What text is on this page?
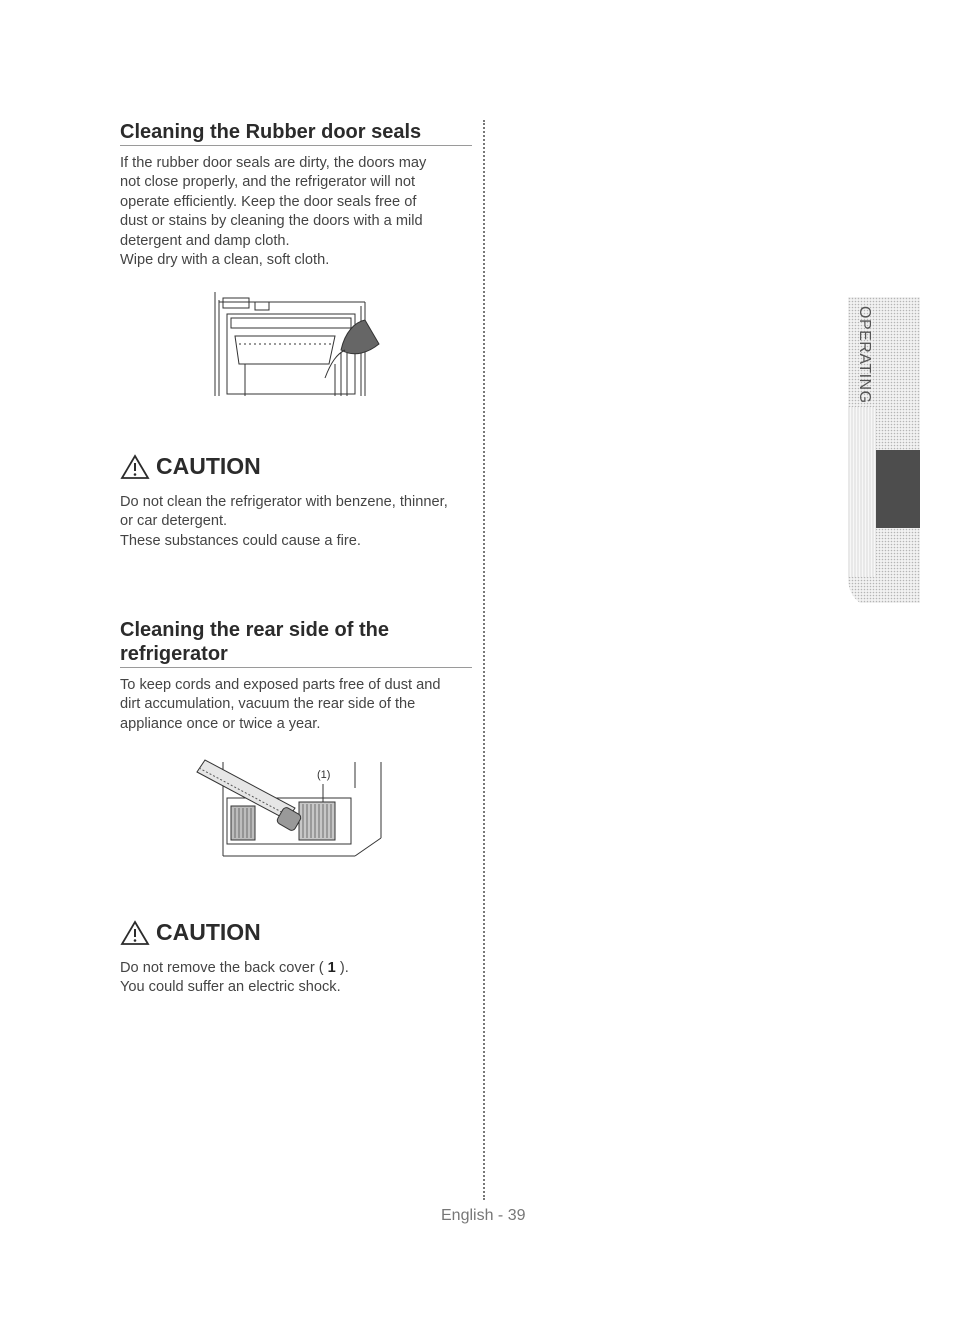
Cleaning the Rubber door seals
If the rubber door seals are dirty, the doors may
not close properly, and the refrigerator will not
operate efficiently. Keep the door seals free of
dust or stains by cleaning the doors with a mild
detergent and damp cloth.
Wipe dry with a clean, soft cloth.
CAUTION
Do not clean the refrigerator with benzene, thinner,
or car detergent.
These substances could cause a fire.
Cleaning the rear side of the
refrigerator
To keep cords and exposed parts free of dust and
dirt accumulation, vacuum the rear side of the
appliance once or twice a year.
(1)
CAUTION
Do not remove the back cover ( 1 ).
You could suffer an electric shock.
OPERATING
English - 39
